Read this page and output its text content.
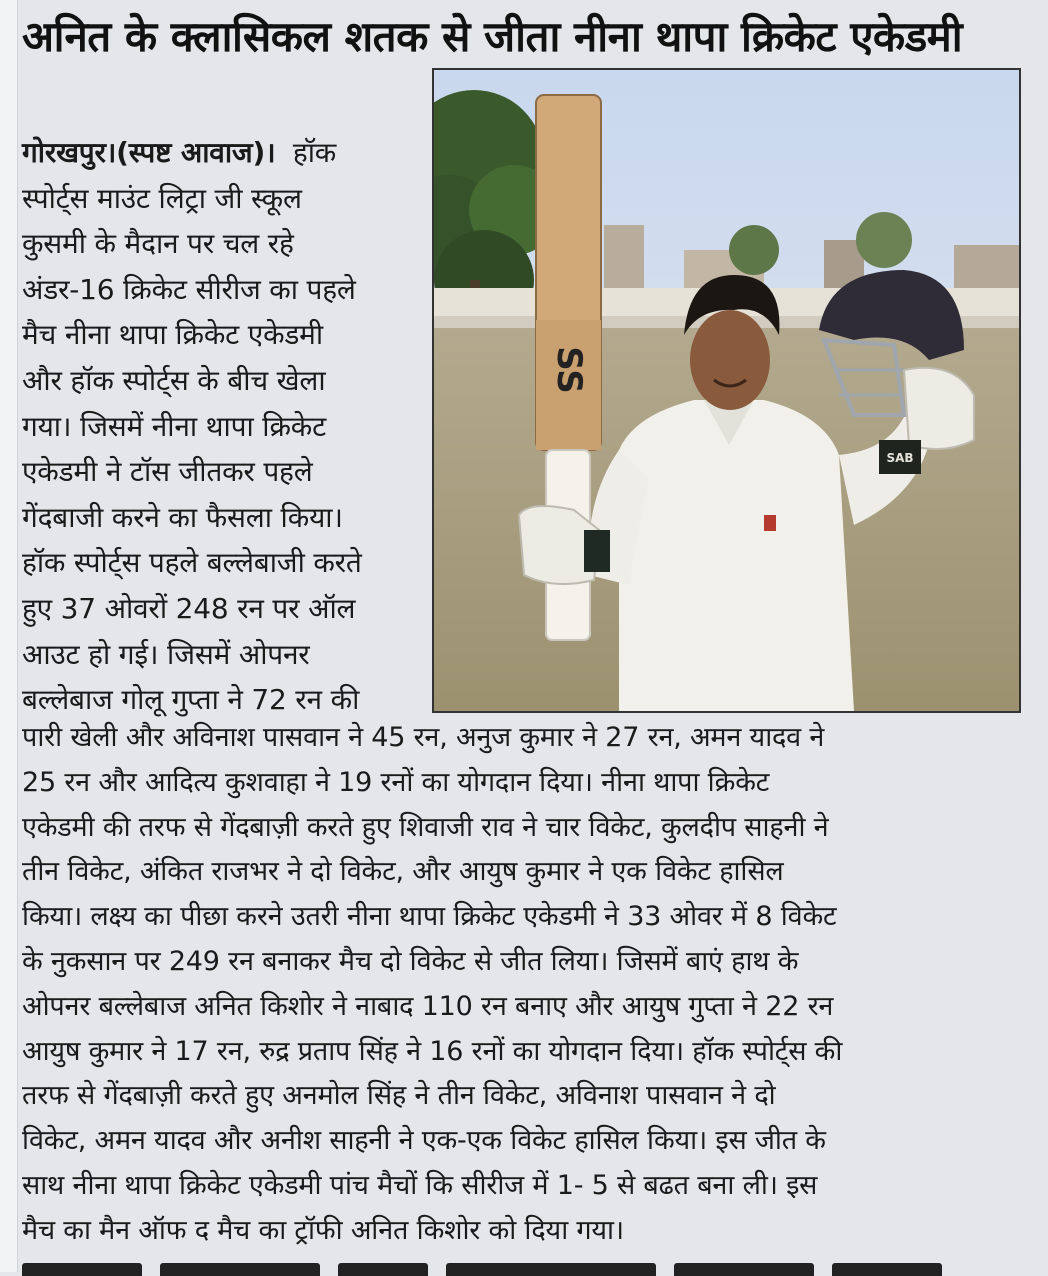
अनित के क्लासिकल शतक से जीता नीना थापा क्रिकेट एकेडमी
SS
SAB
गोरखपुर।(स्पष्ट आवाज)। हॉक
स्पोर्ट्स माउंट लिट्रा जी स्कूल
कुसमी के मैदान पर चल रहे
अंडर-16 क्रिकेट सीरीज का पहले
मैच नीना थापा क्रिकेट एकेडमी
और हॉक स्पोर्ट्स के बीच खेला
गया। जिसमें नीना थापा क्रिकेट
एकेडमी ने टॉस जीतकर पहले
गेंदबाजी करने का फैसला किया।
हॉक स्पोर्ट्स पहले बल्लेबाजी करते
हुए 37 ओवरों 248 रन पर ऑल
आउट हो गई। जिसमें ओपनर
बल्लेबाज गोलू गुप्ता ने 72 रन की
पारी खेली और अविनाश पासवान ने 45 रन, अनुज कुमार ने 27 रन, अमन यादव ने
25 रन और आदित्य कुशवाहा ने 19 रनों का योगदान दिया। नीना थापा क्रिकेट
एकेडमी की तरफ से गेंदबाज़ी करते हुए शिवाजी राव ने चार विकेट, कुलदीप साहनी ने
तीन विकेट, अंकित राजभर ने दो विकेट, और आयुष कुमार ने एक विकेट हासिल
किया। लक्ष्य का पीछा करने उतरी नीना थापा क्रिकेट एकेडमी ने 33 ओवर में 8 विकेट
के नुकसान पर 249 रन बनाकर मैच दो विकेट से जीत लिया। जिसमें बाएं हाथ के
ओपनर बल्लेबाज अनित किशोर ने नाबाद 110 रन बनाए और आयुष गुप्ता ने 22 रन
आयुष कुमार ने 17 रन, रुद्र प्रताप सिंह ने 16 रनों का योगदान दिया। हॉक स्पोर्ट्स की
तरफ से गेंदबाज़ी करते हुए अनमोल सिंह ने तीन विकेट, अविनाश पासवान ने दो
विकेट, अमन यादव और अनीश साहनी ने एक-एक विकेट हासिल किया। इस जीत के
साथ नीना थापा क्रिकेट एकेडमी पांच मैचों कि सीरीज में 1- 5 से बढत बना ली। इस
मैच का मैन ऑफ द मैच का ट्रॉफी अनित किशोर को दिया गया।
